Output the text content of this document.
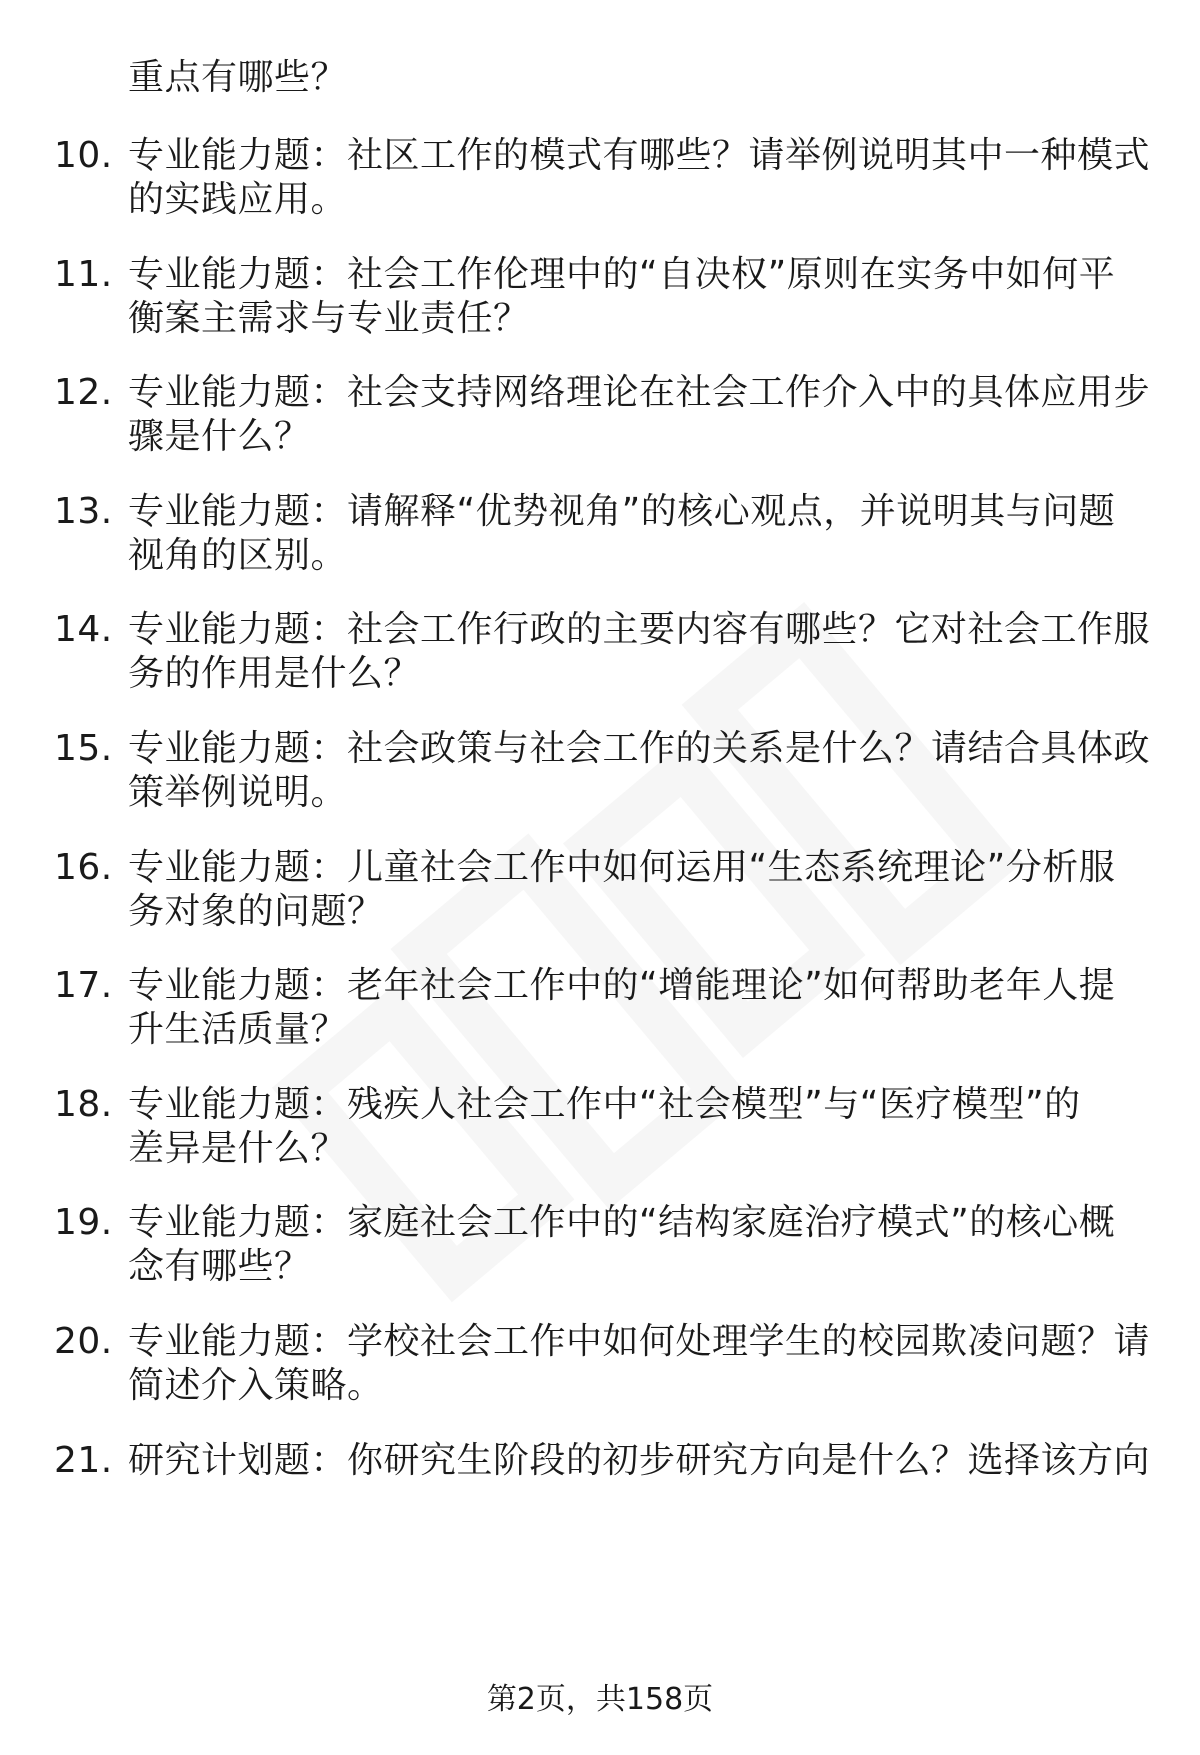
重点有哪些？
10. 专业能力题：社区工作的模式有哪些？请举例说明其中一种模式
的实践应用。
11. 专业能力题：社会工作伦理中的“自决权”原则在实务中如何平
衡案主需求与专业责任？
12. 专业能力题：社会支持网络理论在社会工作介入中的具体应用步
骤是什么？
13. 专业能力题：请解释“优势视角”的核心观点，并说明其与问题
视角的区别。
14. 专业能力题：社会工作行政的主要内容有哪些？它对社会工作服
务的作用是什么？
15. 专业能力题：社会政策与社会工作的关系是什么？请结合具体政
策举例说明。
16. 专业能力题：儿童社会工作中如何运用“生态系统理论”分析服
务对象的问题？
17. 专业能力题：老年社会工作中的“增能理论”如何帮助老年人提
升生活质量？
18. 专业能力题：残疾人社会工作中“社会模型”与“医疗模型”的
差异是什么？
19. 专业能力题：家庭社会工作中的“结构家庭治疗模式”的核心概
念有哪些？
20. 专业能力题：学校社会工作中如何处理学生的校园欺凌问题？请
简述介入策略。
21. 研究计划题：你研究生阶段的初步研究方向是什么？选择该方向
第2页，共158页
